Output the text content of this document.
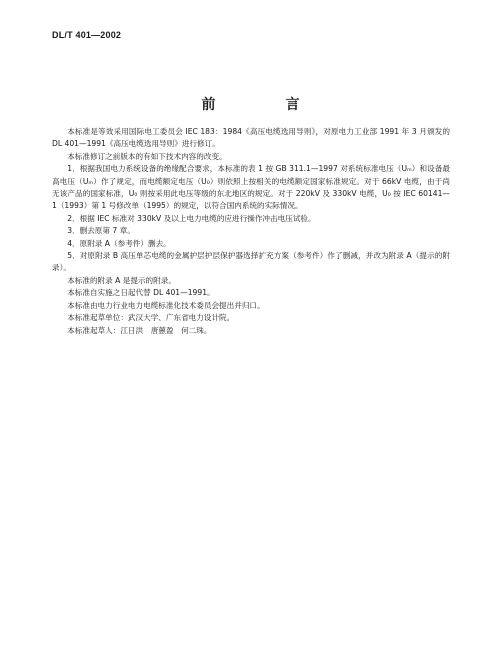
DL/T 401—2002
前　言

本标准是等效采用国际电工委员会 IEC 183：1984《高压电缆选用导则》，对原电力工业部 1991 年 3 月颁发的 DL 401—1991《高压电缆选用导则》进行修订。

本标准修订之前版本的有如下技术内容的改变。

1．根据我国电力系统设备的绝缘配合要求，本标准的表 1 按 GB 311.1—1997 对系统标准电压（Uₘ）和设备最高电压（Uₘ）作了规定，而电缆额定电压（U₀）则依照上按相关的电缆额定国家标准规定。对于 66kV 电缆，由于尚无该产品的国家标准，U₀ 则按采用此电压等级的东北地区的规定。对于 220kV 及 330kV 电缆，U₀ 按 IEC 60141—1（1993）第 1 号修改单（1995）的规定，以符合国内系统的实际情况。

2．根据 IEC 标准对 330kV 及以上电力电缆的应进行操作冲击电压试验。

3．删去原第 7 章。

4．原附录 A（参考件）删去。

5．对原附录 B 高压单芯电缆的金属护层护层保护器选择扩充方案（参考件）作了删减，并改为附录 A（提示的附录）。

本标准的附录 A 是提示的附录。

本标准自实施之日起代替 DL 401—1991。

本标准由电力行业电力电缆标准化技术委员会提出并归口。

本标准起草单位：武汉大学、广东省电力设计院。

本标准起草人：江日洪　唐蕙盈　何二珠。
